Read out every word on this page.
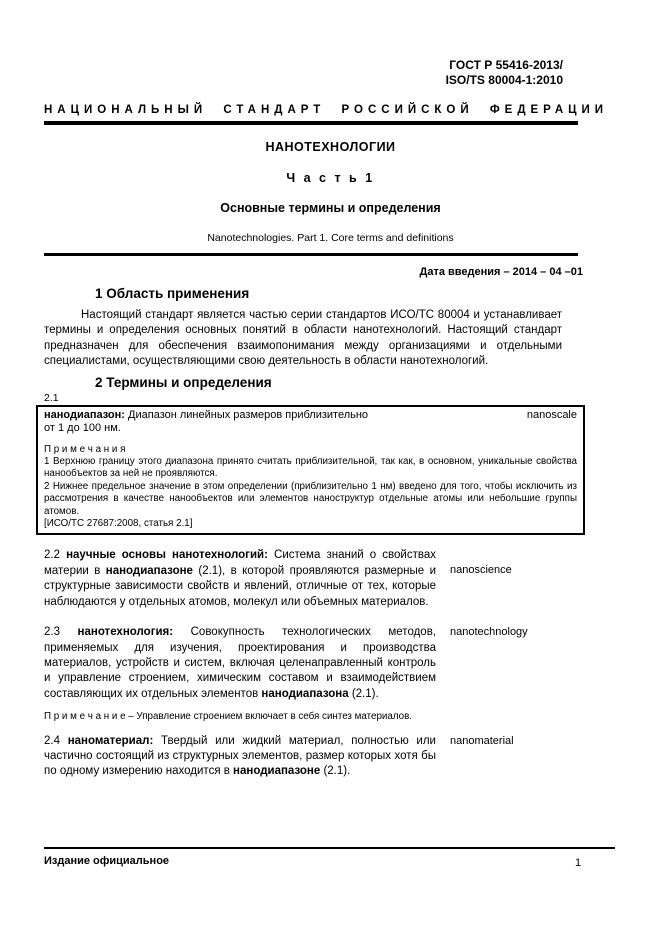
ГОСТ Р 55416-2013/
ISO/TS 80004-1:2010
НАЦИОНАЛЬНЫЙ СТАНДАРТ РОССИЙСКОЙ ФЕДЕРАЦИИ
НАНОТЕХНОЛОГИИ
Ч а с т ь 1
Основные термины и определения
Nanotechnologies. Part 1. Core terms and definitions
Дата введения – 2014 – 04 –01
1 Область применения
Настоящий стандарт является частью серии стандартов ИСО/ТС 80004 и устанавливает термины и определения основных понятий в области нанотехнологий. Настоящий стандарт предназначен для обеспечения взаимопонимания между организациями и отдельными специалистами, осуществляющими свою деятельность в области нанотехнологий.
2 Термины и определения
2.1
nanoscale
нанодиапазон: Диапазон линейных размеров приблизительно
от 1 до 100 нм.
П р и м е ч а н и я
1 Верхнюю границу этого диапазона принято считать приблизительной, так как, в основном, уникальные свойства нанообъектов за ней не проявляются.
2 Нижнее предельное значение в этом определении (приблизительно 1 нм) введено для того, чтобы исключить из рассмотрения в качестве нанообъектов или элементов наноструктур отдельные атомы или небольшие группы атомов.
[ИСО/ТС 27687:2008, статья 2.1]
2.2 научные основы нанотехнологий: Система знаний о свойствах материи в нанодиапазоне (2.1), в которой проявляются размерные и структурные зависимости свойств и явлений, отличные от тех, которые наблюдаются у отдельных атомов, молекул или объемных материалов.
nanoscience
2.3 нанотехнология: Совокупность технологических методов, применяемых для изучения, проектирования и производства материалов, устройств и систем, включая целенаправленный контроль и управление строением, химическим составом и взаимодействием составляющих их отдельных элементов нанодиапазона (2.1).
nanotechnology
П р и м е ч а н и е – Управление строением включает в себя синтез материалов.
2.4 наноматериал: Твердый или жидкий материал, полностью или частично состоящий из структурных элементов, размер которых хотя бы по одному измерению находится в нанодиапазоне (2.1).
nanomaterial
Издание официальное	1
